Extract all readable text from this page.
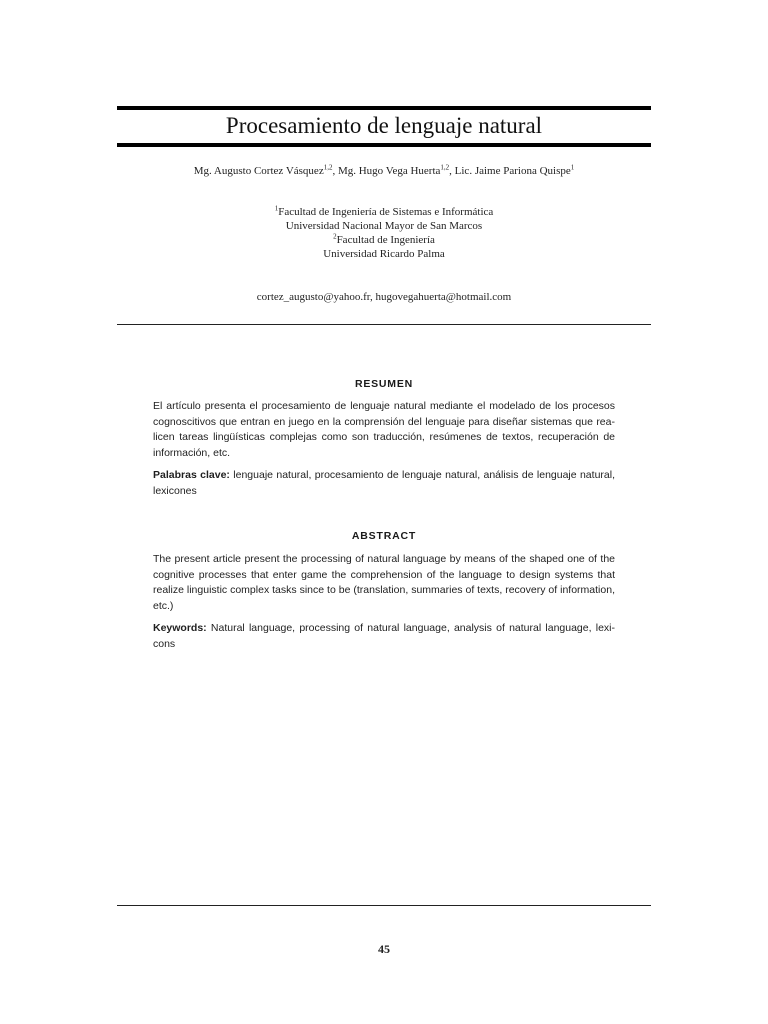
Procesamiento de lenguaje natural
Mg. Augusto Cortez Vásquez$^{1,2}$, Mg. Hugo Vega Huerta$^{1,2}$, Lic. Jaime Pariona Quispe$^1$
$^1$Facultad de Ingeniería de Sistemas e Informática
Universidad Nacional Mayor de San Marcos
$^2$Facultad de Ingeniería
Universidad Ricardo Palma
cortez_augusto@yahoo.fr, hugovegahuerta@hotmail.com
RESUMEN
El artículo presenta el procesamiento de lenguaje natural mediante el modelado de los procesos cognoscitivos que entran en juego en la comprensión del lenguaje para diseñar sistemas que rea-licen tareas lingüísticas complejas como son traducción, resúmenes de textos, recuperación de información, etc.
Palabras clave: lenguaje natural, procesamiento de lenguaje natural, análisis de lenguaje natural, lexicones
ABSTRACT
The present article present the processing of natural language by means of the shaped one of the cognitive processes that enter game the comprehension of the language to design systems that realize linguistic complex tasks since to be (translation, summaries of texts, recovery of information, etc.)
Keywords: Natural language, processing of natural language, analysis of natural language, lexi-cons
45
